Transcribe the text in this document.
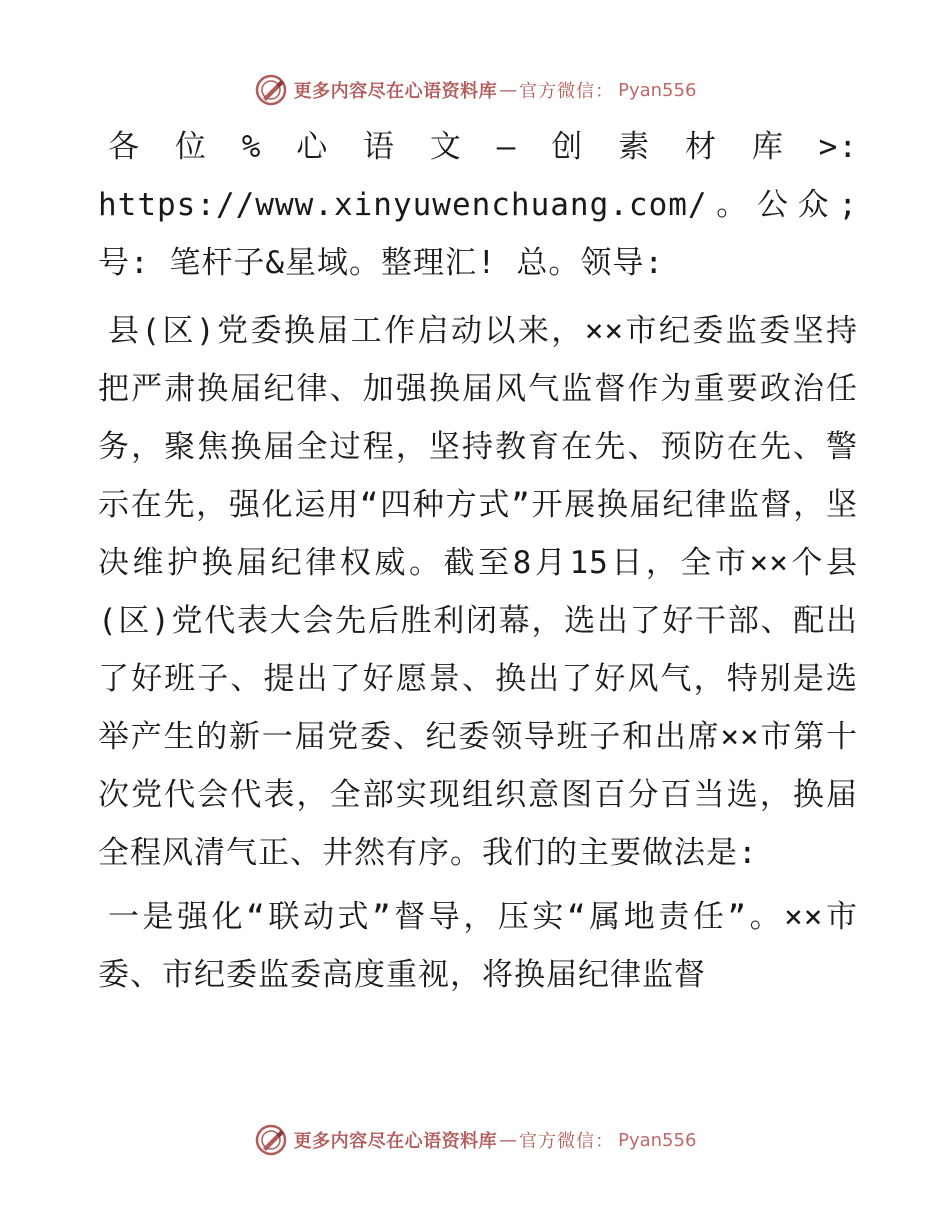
更多内容尽在心语资料库 — 官方微信： Pyan556

各位%心语文—创素材库>: https://www.xinyuwenchuang.com/。公众;号: 笔杆子&星域。整理汇! 总。领导:

县(区)党委换届工作启动以来，××市纪委监委坚持把严肃换届纪律、加强换届风气监督作为重要政治任务，聚焦换届全过程，坚持教育在先、预防在先、警示在先，强化运用“四种方式”开展换届纪律监督，坚决维护换届纪律权威。截至8月15日，全市××个县(区)党代表大会先后胜利闭幕，选出了好干部、配出了好班子、提出了好愿景、换出了好风气，特别是选举产生的新一届党委、纪委领导班子和出席××市第十次党代会代表，全部实现组织意图百分百当选，换届全程风清气正、井然有序。我们的主要做法是:

一是强化“联动式”督导，压实“属地责任”。××市委、市纪委监委高度重视，将换届纪律监督

更多内容尽在心语资料库 — 官方微信： Pyan556
